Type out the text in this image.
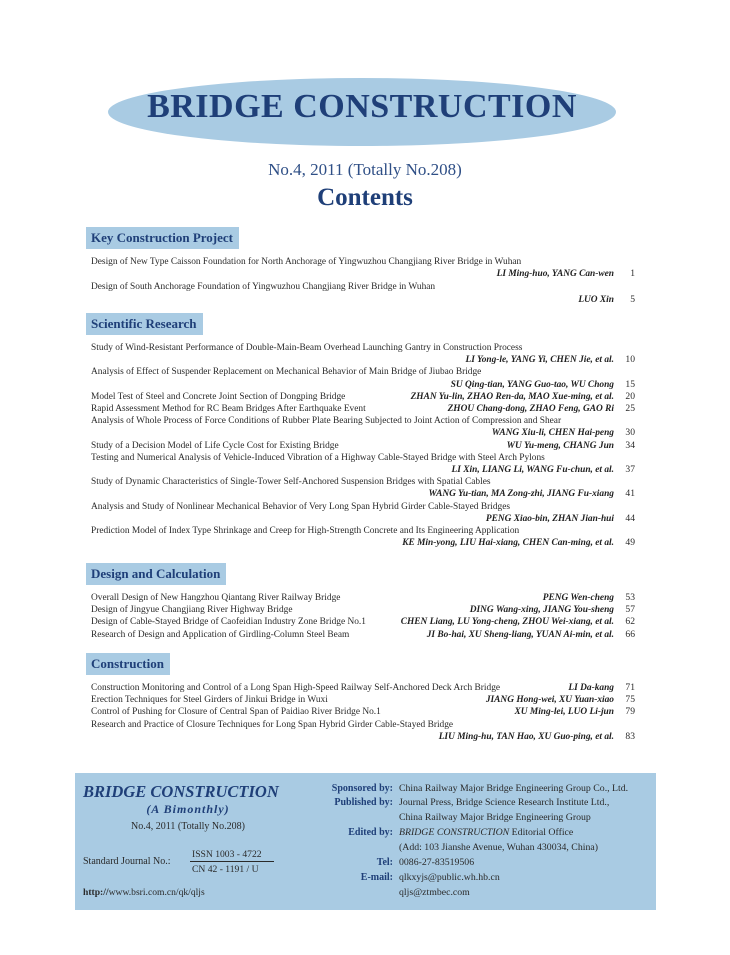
BRIDGE CONSTRUCTION
No.4, 2011 (Totally No.208)
Contents
Key Construction Project
Design of New Type Caisson Foundation for North Anchorage of Yingwuzhou Changjiang River Bridge in Wuhan
LI Ming-huo, YANG Can-wen	1
Design of South Anchorage Foundation of Yingwuzhou Changjiang River Bridge in Wuhan
LUO Xin	5
Scientific Research
Study of Wind-Resistant Performance of Double-Main-Beam Overhead Launching Gantry in Construction Process
LI Yong-le, YANG Yi, CHEN Jie, et al.	10
Analysis of Effect of Suspender Replacement on Mechanical Behavior of Main Bridge of Jiubao Bridge
SU Qing-tian, YANG Guo-tao, WU Chong	15
Model Test of Steel and Concrete Joint Section of Dongping Bridge	ZHAN Yu-lin, ZHAO Ren-da, MAO Xue-ming, et al. 20
Rapid Assessment Method for RC Beam Bridges After Earthquake Event	ZHOU Chang-dong, ZHAO Feng, GAO Ri 25
Analysis of Whole Process of Force Conditions of Rubber Plate Bearing Subjected to Joint Action of Compression and Shear
WANG Xiu-li, CHEN Hai-peng	30
Study of a Decision Model of Life Cycle Cost for Existing Bridge	WU Yu-meng, CHANG Jun 34
Testing and Numerical Analysis of Vehicle-Induced Vibration of a Highway Cable-Stayed Bridge with Steel Arch Pylons
LI Xin, LIANG Li, WANG Fu-chun, et al.	37
Study of Dynamic Characteristics of Single-Tower Self-Anchored Suspension Bridges with Spatial Cables
WANG Yu-tian, MA Zong-zhi, JIANG Fu-xiang	41
Analysis and Study of Nonlinear Mechanical Behavior of Very Long Span Hybrid Girder Cable-Stayed Bridges
PENG Xiao-bin, ZHAN Jian-hui	44
Prediction Model of Index Type Shrinkage and Creep for High-Strength Concrete and Its Engineering Application
KE Min-yong, LIU Hai-xiang, CHEN Can-ming, et al.	49
Design and Calculation
Overall Design of New Hangzhou Qiantang River Railway Bridge	PENG Wen-cheng 53
Design of Jingyue Changjiang River Highway Bridge	DING Wang-xing, JIANG You-sheng 57
Design of Cable-Stayed Bridge of Caofeidian Industry Zone Bridge No.1	CHEN Liang, LU Yong-cheng, ZHOU Wei-xiang, et al. 62
Research of Design and Application of Girdling-Column Steel Beam	JI Bo-hai, XU Sheng-liang, YUAN Ai-min, et al. 66
Construction
Construction Monitoring and Control of a Long Span High-Speed Railway Self-Anchored Deck Arch Bridge	LI Da-kang 71
Erection Techniques for Steel Girders of Jinkui Bridge in Wuxi	JIANG Hong-wei, XU Yuan-xiao 75
Control of Pushing for Closure of Central Span of Paidiao River Bridge No.1	XU Ming-lei, LUO Li-jun 79
Research and Practice of Closure Techniques for Long Span Hybrid Girder Cable-Stayed Bridge
LIU Ming-hu, TAN Hao, XU Guo-ping, et al.	83
BRIDGE CONSTRUCTION
(A Bimonthly)
No.4, 2011 (Totally No.208)
Standard Journal No.:
ISSN 1003 - 4722
CN 42 - 1191 / U
http://www.bsri.com.cn/qk/qljs
Sponsored by: China Railway Major Bridge Engineering Group Co., Ltd.
Published by: Journal Press, Bridge Science Research Institute Ltd.,
China Railway Major Bridge Engineering Group
Edited by: BRIDGE CONSTRUCTION Editorial Office
(Add: 103 Jianshe Avenue, Wuhan 430034, China)
Tel: 0086-27-83519506
E-mail: qlkxyjs@public.wh.hb.cn
qljs@ztmbec.com
